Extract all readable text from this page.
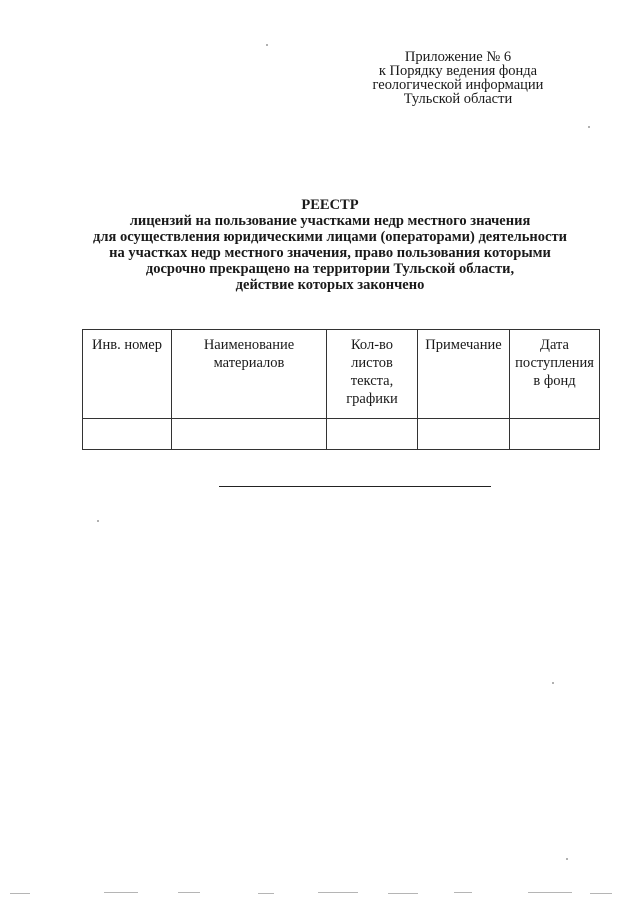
Приложение № 6
к Порядку ведения фонда
геологической информации
Тульской области
РЕЕСТР
лицензий на пользование участками недр местного значения
для осуществления юридическими лицами (операторами) деятельности
на участках недр местного значения, право пользования которыми
досрочно прекращено на территории Тульской области,
действие которых закончено
Инв. номер	Наименование материалов	Кол-во листов текста, графики	Примечание	Дата поступления в фонд
